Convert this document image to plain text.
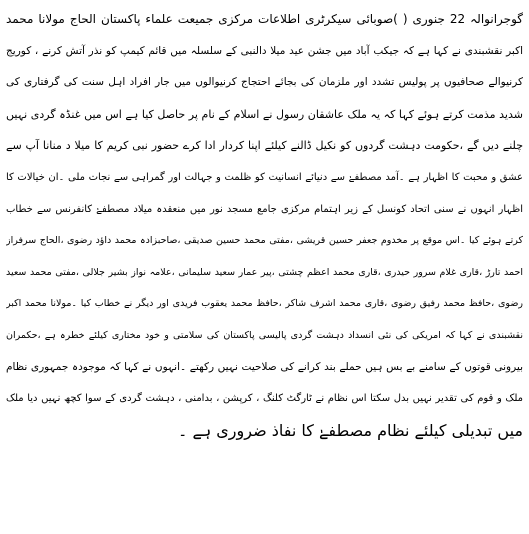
گوجرانوالہ 22 جنوری ( )صوبائی سیکرٹری اطلاعات مرکزی جمیعت علماء پاکستان الحاج مولانا محمد
اکبر نقشبندی نے کہا ہے کہ جیکب آباد میں جشن عید میلا دالنبی کے سلسلہ میں قائم کیمپ کو نذر آتش کرنے ، کوریج
کرنیوالے صحافیوں پر پولیس تشدد اور ملزمان کی بجائے احتجاج کرنیوالوں میں جار افراد اہل سنت کی گرفتاری کی
شدید مذمت کرتے ہوئے کہا کہ یہ ملک عاشقان رسول نے اسلام کے نام پر حاصل کیا ہے اس میں غنڈہ گردی نہیں
چلنے دیں گے ،حکومت دہشت گردوں کو نکیل ڈالنے کیلئے اپنا کردار ادا کرے حضور نبی کریم کا میلا د منانا آپ سے
عشق و محبت کا اظہار ہے ۔آمد مصطفےٰ سے دنیائے انسانیت کو ظلمت و جہالت اور گمراہی سے نجات ملی ۔ان خیالات کا
اظہار انہوں نے سنی اتحاد کونسل کے زیر اہتمام مرکزی جامع مسجد نور میں منعقدہ میلاد مصطفےٰ کانفرنس سے خطاب
کرتے ہوئے کیا ۔اس موقع پر مخدوم جعفر حسین قریشی ،مفتی محمد حسین صدیقی ،صاحبزادہ محمد داؤد رضوی ،الحاج سرفراز
احمد تارڑ ،قاری غلام سرور حیدری ،قاری محمد اعظم چشتی ،پیر عمار سعید سلیمانی ،علامہ نواز بشیر جلالی ،مفتی محمد سعید
رضوی ،حافظ محمد رفیق رضوی ،قاری محمد اشرف شاکر ،حافظ محمد یعقوب فریدی اور دیگر نے خطاب کیا ۔مولانا محمد اکبر
نقشبندی نے کہا کہ امریکی کی نئی انسداد دہشت گردی پالیسی پاکستان کی سلامتی و خود مختاری کیلئے خطرہ ہے ،حکمران
بیرونی قوتوں کے سامنے بے بس ہیں حملے بند کرانے کی صلاحیت نہیں رکھتے ۔انہوں نے کہا کہ موجودہ جمہوری نظام
ملک و قوم کی تقدیر نہیں بدل سکتا اس نظام نے ٹارگٹ کلنگ ، کرپشن ، بدامنی ، دہشت گردی کے سوا کچھ نہیں دیا ملک
میں تبدیلی کیلئے نظام مصطفےٰ کا نفاذ ضروری ہے ۔
